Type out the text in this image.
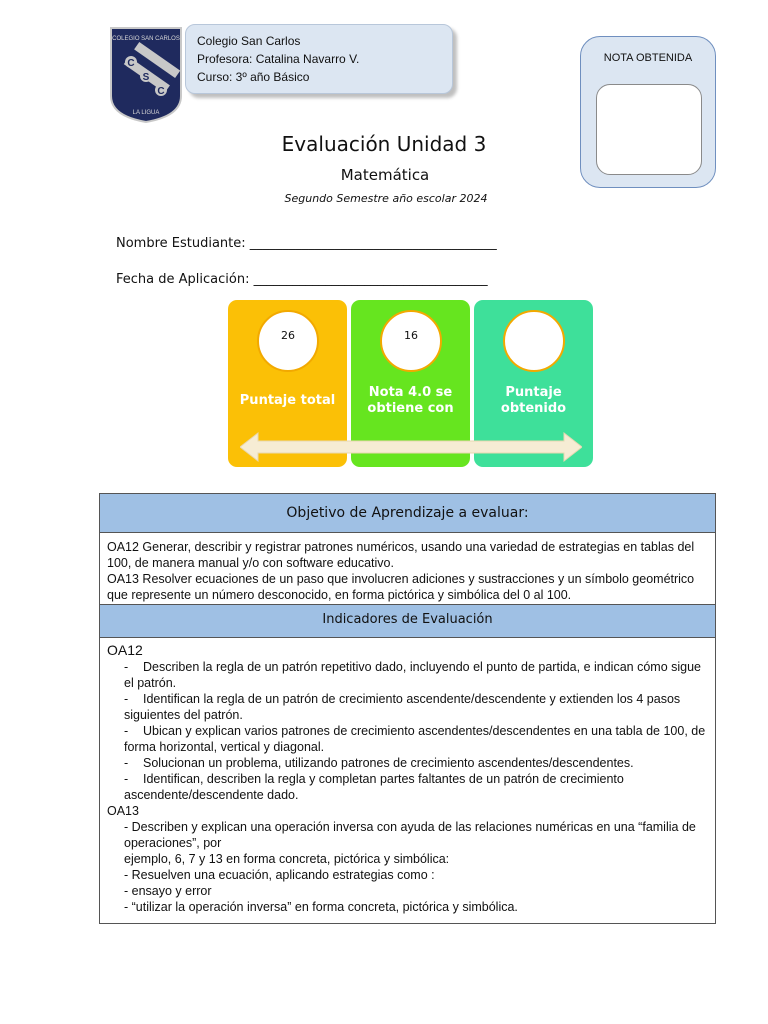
COLEGIO SAN CARLOS
C
S
C
LA LIGUA
Colegio San Carlos
Profesora: Catalina Navarro V.
Curso: 3º año Básico
NOTA OBTENIDA
Evaluación Unidad 3
Matemática
Segundo Semestre año escolar 2024
Nombre Estudiante: ______________________________________
Fecha de Aplicación: ____________________________________
26
Puntaje total
16
Nota 4.0 se obtiene con
Puntaje obtenido
Objetivo de Aprendizaje a evaluar:
OA12 Generar, describir y registrar patrones numéricos, usando una variedad de estrategias en tablas del 100, de manera manual y/o con software educativo.
OA13 Resolver ecuaciones de un paso que involucren adiciones y sustracciones y un símbolo geométrico que represente un número desconocido, en forma pictórica y simbólica del 0 al 100.
Indicadores de Evaluación
OA12
- Describen la regla de un patrón repetitivo dado, incluyendo el punto de partida, e indican cómo sigue el patrón.
- Identifican la regla de un patrón de crecimiento ascendente/descendente y extienden los 4 pasos siguientes del patrón.
- Ubican y explican varios patrones de crecimiento ascendentes/descendentes en una tabla de 100, de forma horizontal, vertical y diagonal.
- Solucionan un problema, utilizando patrones de crecimiento ascendentes/descendentes.
- Identifican, describen la regla y completan partes faltantes de un patrón de crecimiento ascendente/descendente dado.
OA13
- Describen y explican una operación inversa con ayuda de las relaciones numéricas en una “familia de operaciones”, por
ejemplo, 6, 7 y 13 en forma concreta, pictórica y simbólica:
- Resuelven una ecuación, aplicando estrategias como :
- ensayo y error
- “utilizar la operación inversa” en forma concreta, pictórica y simbólica.
